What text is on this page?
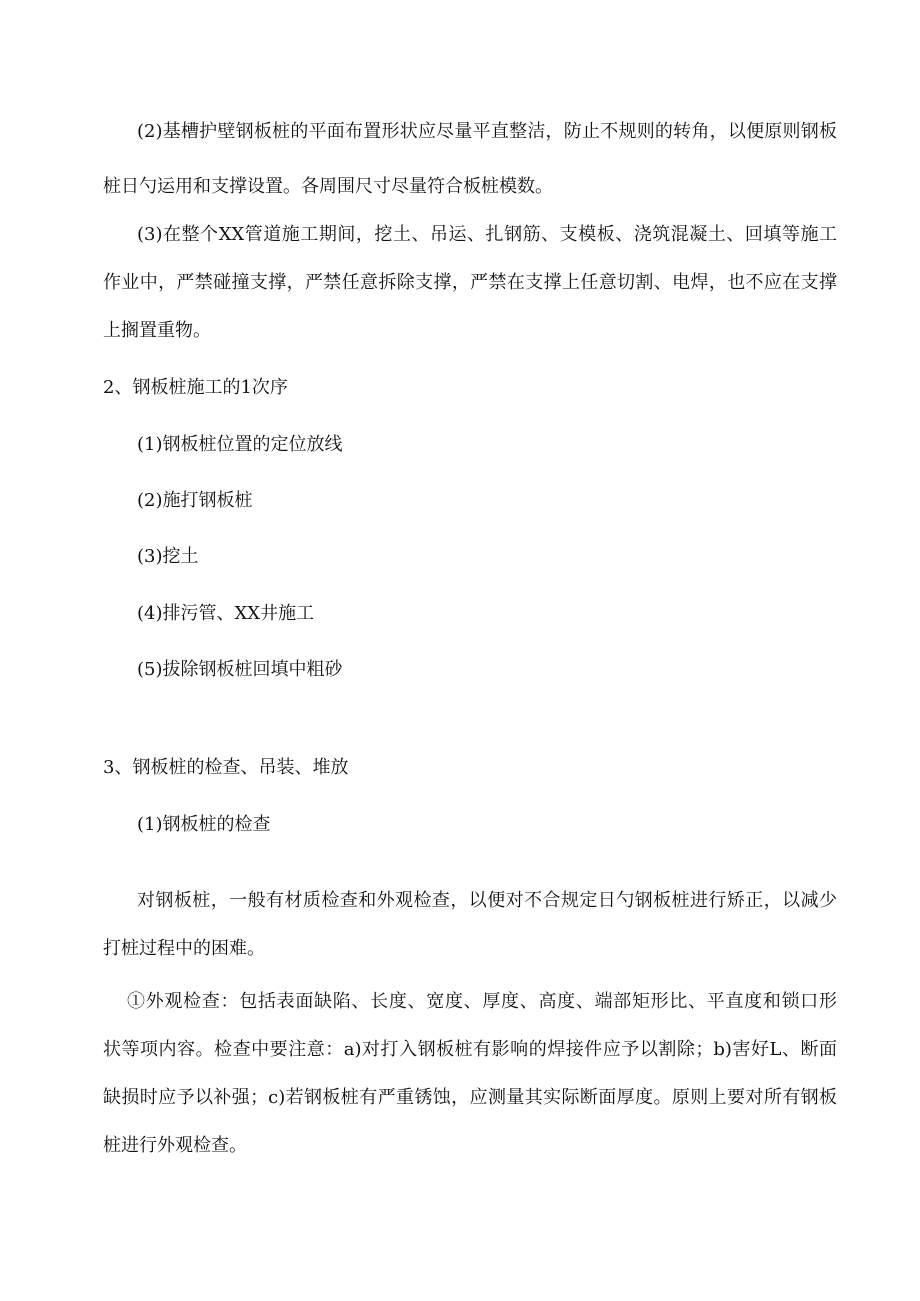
(2)基槽护壁钢板桩的平面布置形状应尽量平直整洁，防止不规则的转角，以便原则钢板
桩日勺运用和支撑设置。各周围尺寸尽量符合板桩模数。
(3)在整个XX管道施工期间，挖土、吊运、扎钢筋、支模板、浇筑混凝土、回填等施工
作业中，严禁碰撞支撑，严禁任意拆除支撑，严禁在支撑上任意切割、电焊，也不应在支撑
上搁置重物。
2、钢板桩施工的1次序
(1)钢板桩位置的定位放线
(2)施打钢板桩
(3)挖土
(4)排污管、XX井施工
(5)拔除钢板桩回填中粗砂
3、钢板桩的检查、吊装、堆放
(1)钢板桩的检查
对钢板桩，一般有材质检查和外观检查，以便对不合规定日勺钢板桩进行矫正，以减少
打桩过程中的困难。
①外观检查：包括表面缺陷、长度、宽度、厚度、高度、端部矩形比、平直度和锁口形
状等项内容。检查中要注意：a)对打入钢板桩有影响的焊接件应予以割除；b)害好L、断面
缺损时应予以补强；c)若钢板桩有严重锈蚀，应测量其实际断面厚度。原则上要对所有钢板
桩进行外观检查。
